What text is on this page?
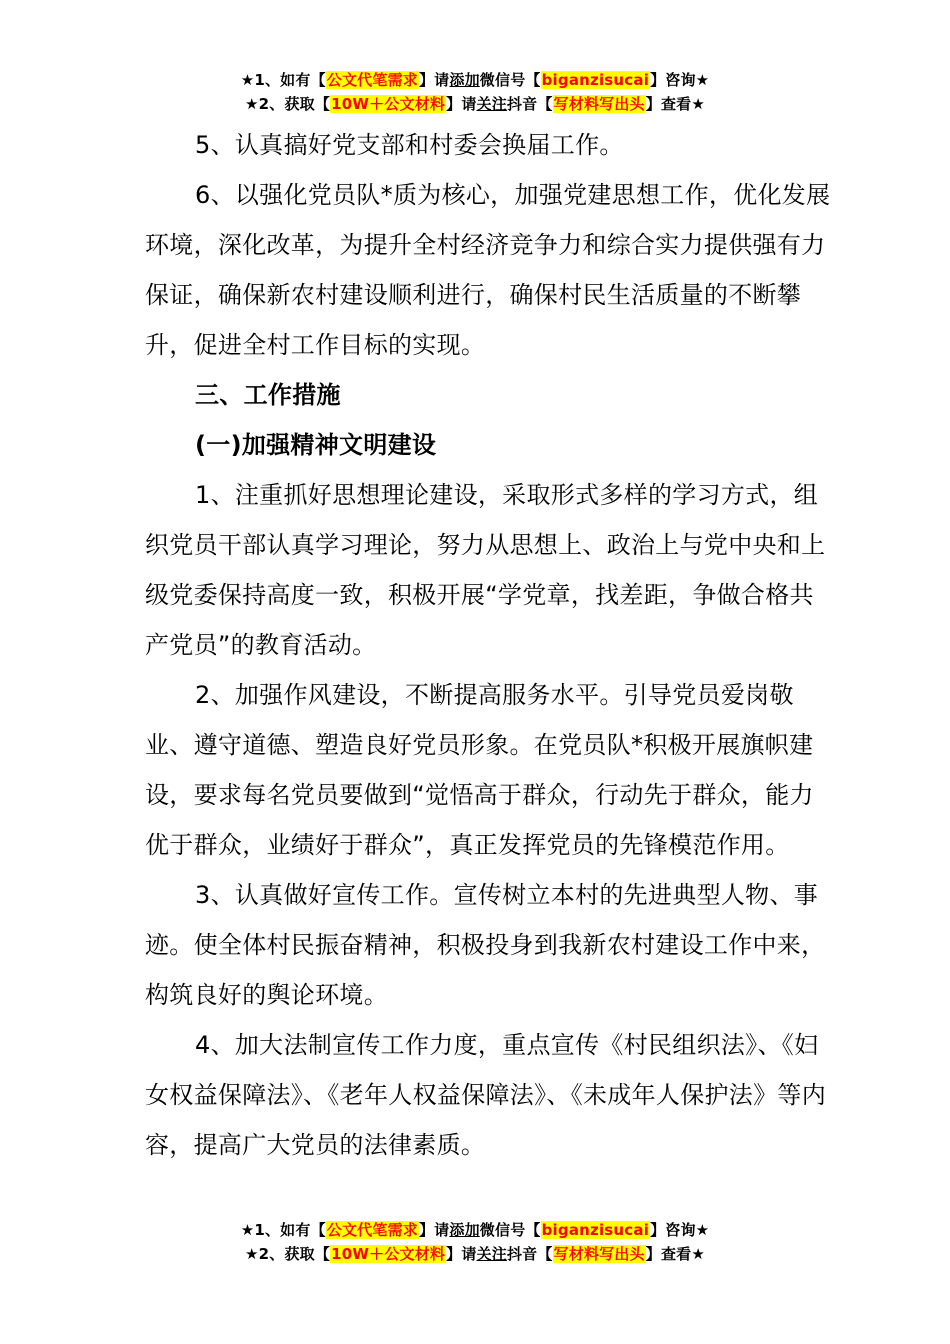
★1、如有【公文代笔需求】请添加微信号【biganzisucai】咨询★
★2、获取【10W＋公文材料】请关注抖音【写材料写出头】查看★

5、认真搞好党支部和村委会换届工作。

6、以强化党员队*质为核心，加强党建思想工作，优化发展环境，深化改革，为提升全村经济竞争力和综合实力提供强有力保证，确保新农村建设顺利进行，确保村民生活质量的不断攀升，促进全村工作目标的实现。

三、工作措施

(一)加强精神文明建设

1、注重抓好思想理论建设，采取形式多样的学习方式，组织党员干部认真学习理论，努力从思想上、政治上与党中央和上级党委保持高度一致，积极开展“学党章，找差距，争做合格共产党员”的教育活动。

2、加强作风建设，不断提高服务水平。引导党员爱岗敬业、遵守道德、塑造良好党员形象。在党员队*积极开展旗帜建设，要求每名党员要做到“觉悟高于群众，行动先于群众，能力优于群众，业绩好于群众”，真正发挥党员的先锋模范作用。

3、认真做好宣传工作。宣传树立本村的先进典型人物、事迹。使全体村民振奋精神，积极投身到我新农村建设工作中来，构筑良好的舆论环境。

4、加大法制宣传工作力度，重点宣传《村民组织法》、《妇女权益保障法》、《老年人权益保障法》、《未成年人保护法》等内容，提高广大党员的法律素质。

★1、如有【公文代笔需求】请添加微信号【biganzisucai】咨询★
★2、获取【10W＋公文材料】请关注抖音【写材料写出头】查看★
